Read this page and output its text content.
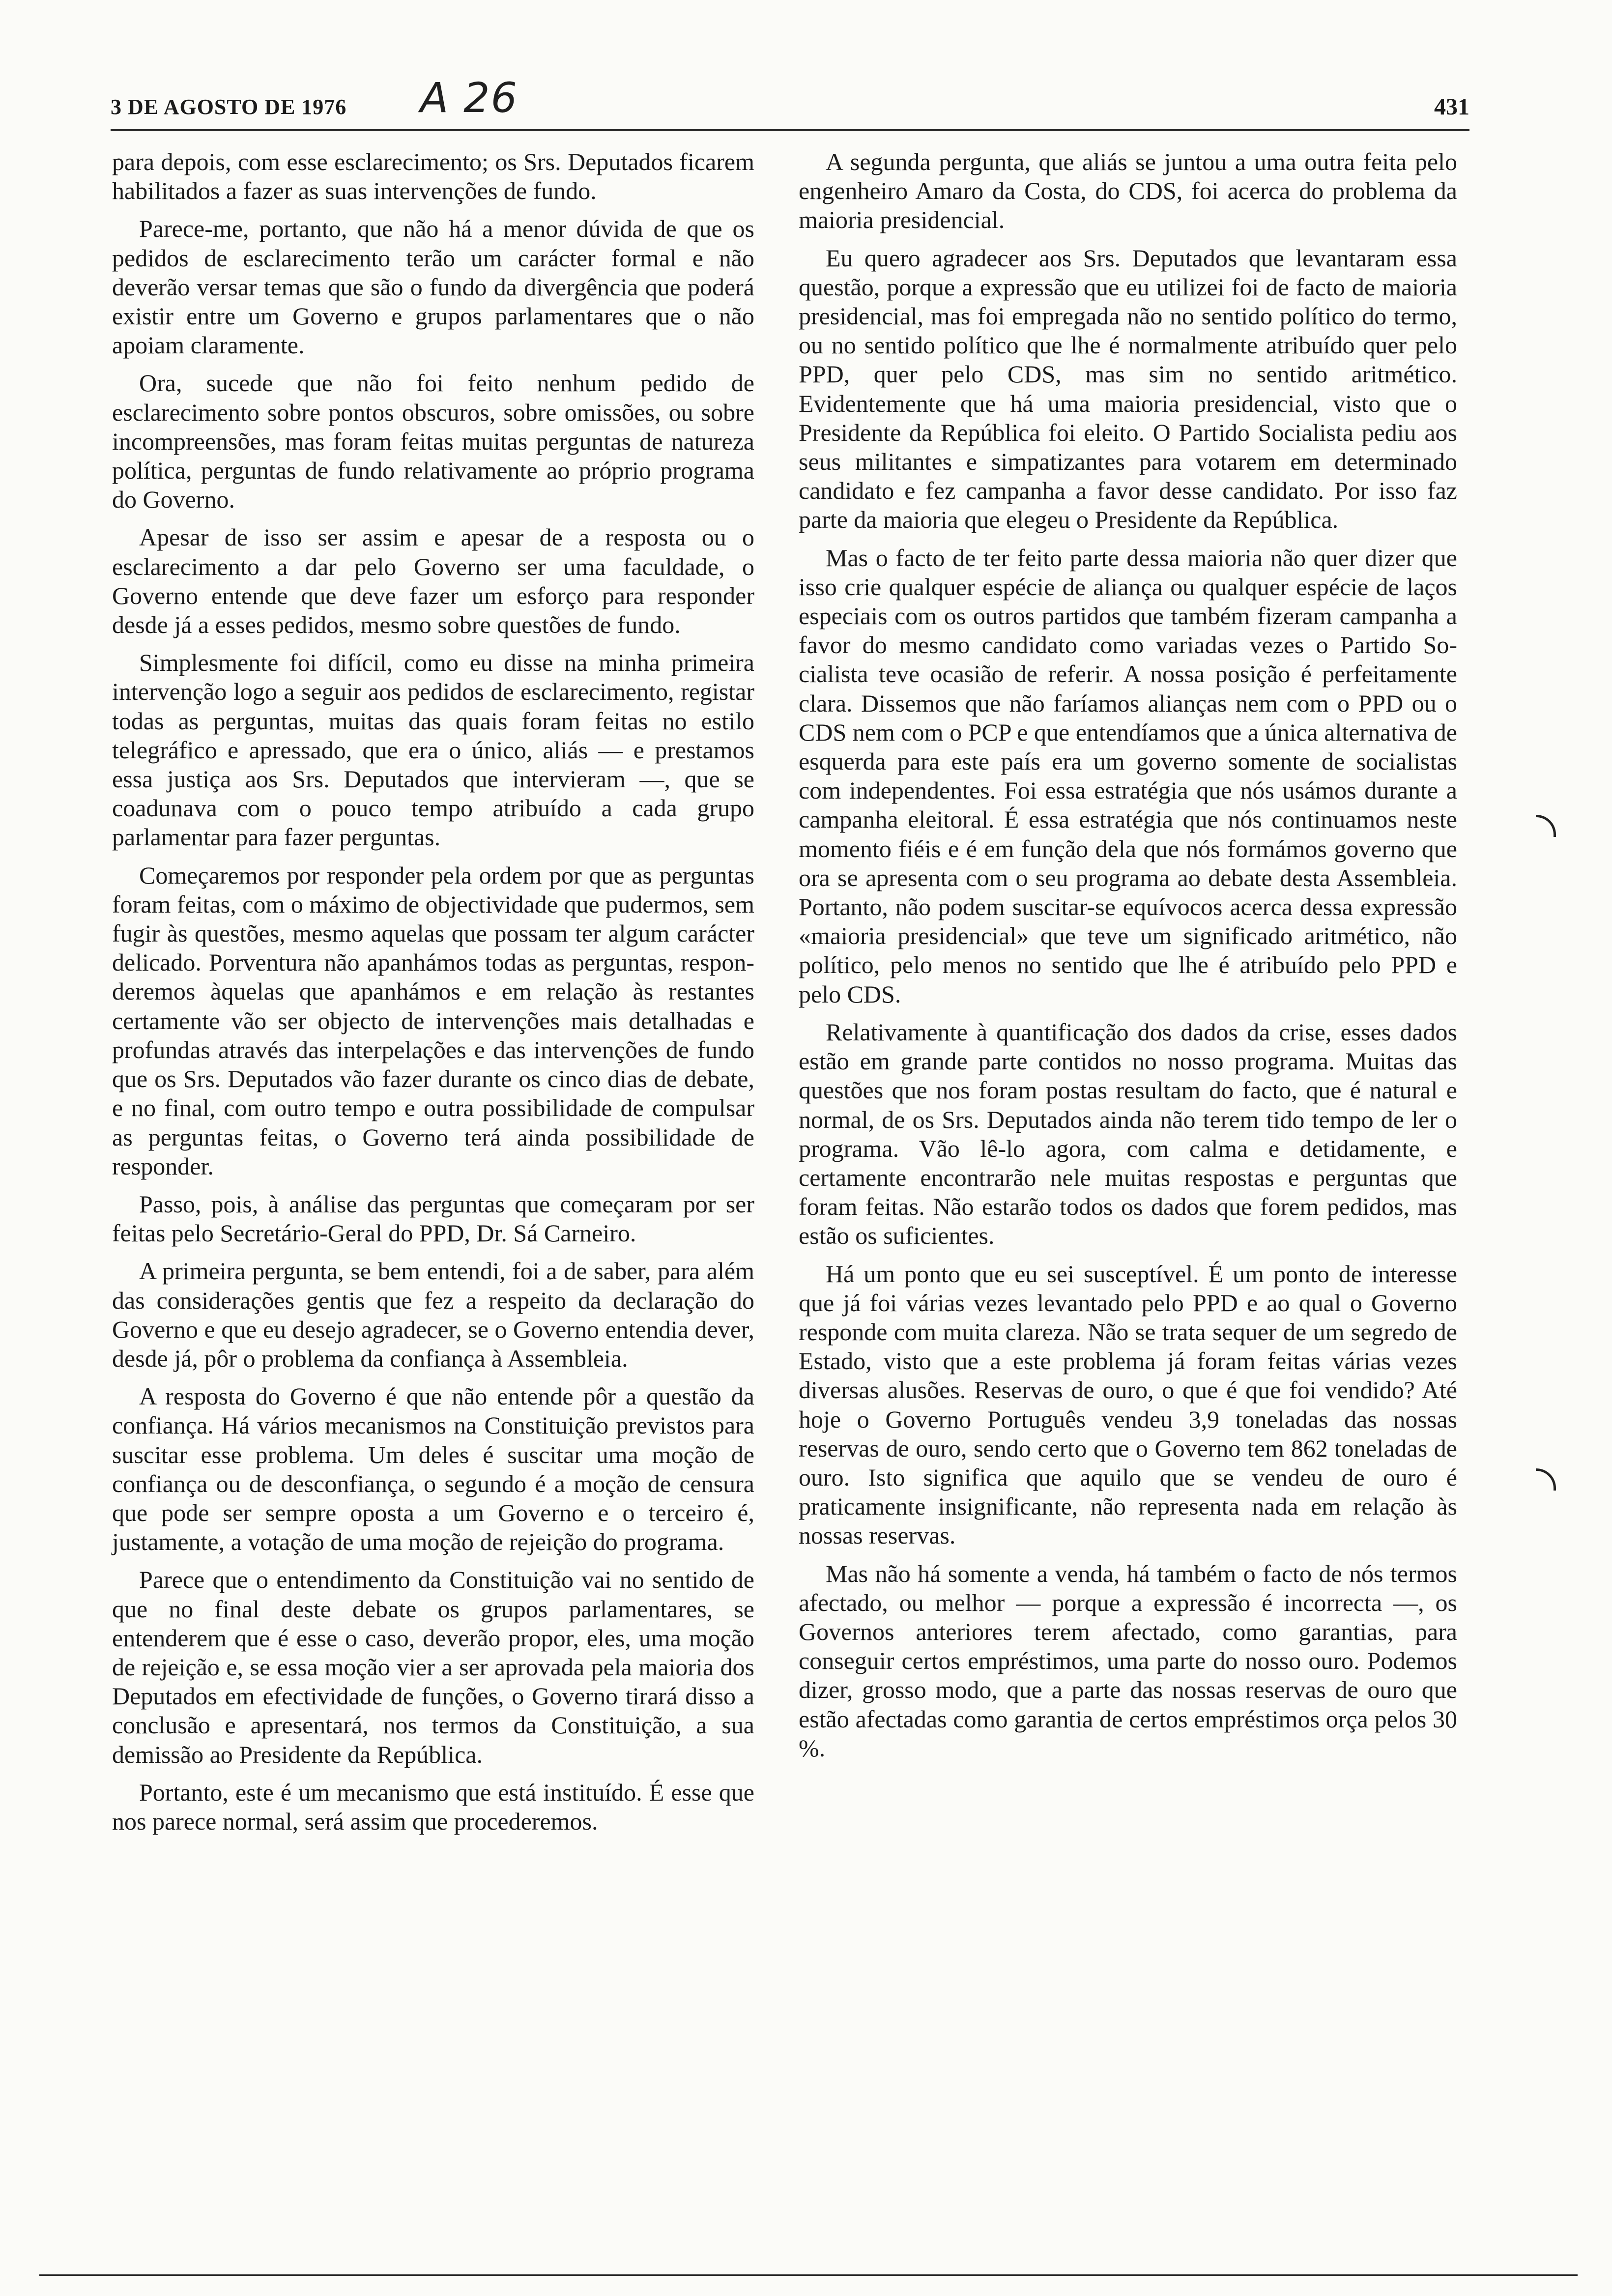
3 DE AGOSTO DE 1976 A 26	431

para depois, com esse esclarecimento; os Srs. Deputados ficarem habilitados a fazer as suas intervenções de fundo.

Parece-me, portanto, que não há a menor dúvida de que os pedidos de esclarecimento terão um carácter formal e não deverão versar temas que são o fundo da divergência que poderá existir entre um Governo e grupos parlamentares que o não apoiam claramente.

Ora, sucede que não foi feito nenhum pedido de esclarecimento sobre pontos obscuros, sobre omissões, ou sobre incompreensões, mas foram feitas muitas perguntas de natureza política, perguntas de fundo relativamente ao próprio programa do Governo.

Apesar de isso ser assim e apesar de a resposta ou o esclarecimento a dar pelo Governo ser uma faculdade, o Governo entende que deve fazer um esforço para responder desde já a esses pedidos, mesmo sobre questões de fundo.

Simplesmente foi difícil, como eu disse na minha primeira intervenção logo a seguir aos pedidos de esclarecimento, registar todas as perguntas, muitas das quais foram feitas no estilo telegráfico e apressado, que era o único, aliás — e prestamos essa justiça aos Srs. Deputados que intervieram —, que se coadunava com o pouco tempo atribuído a cada grupo parlamentar para fazer perguntas.

Começaremos por responder pela ordem por que as perguntas foram feitas, com o máximo de objectividade que pudermos, sem fugir às questões, mesmo aquelas que possam ter algum carácter delicado. Porventura não apanhámos todas as perguntas, responderemos àquelas que apanhámos e em relação às restantes certamente vão ser objecto de intervenções mais detalhadas e profundas através das interpelações e das intervenções de fundo que os Srs. Deputados vão fazer durante os cinco dias de debate, e no final, com outro tempo e outra possibilidade de compulsar as perguntas feitas, o Governo terá ainda possibilidade de responder.

Passo, pois, à análise das perguntas que começaram por ser feitas pelo Secretário-Geral do PPD, Dr. Sá Carneiro.

A primeira pergunta, se bem entendi, foi a de saber, para além das considerações gentis que fez a respeito da declaração do Governo e que eu desejo agradecer, se o Governo entendia dever, desde já, pôr o problema da confiança à Assembleia.

A resposta do Governo é que não entende pôr a questão da confiança. Há vários mecanismos na Constituição previstos para suscitar esse problema. Um deles é suscitar uma moção de confiança ou de desconfiança, o segundo é a moção de censura que pode ser sempre oposta a um Governo e o terceiro é, justamente, a votação de uma moção de rejeição do programa.

Parece que o entendimento da Constituição vai no sentido de que no final deste debate os grupos parlamentares, se entenderem que é esse o caso, deverão propor, eles, uma moção de rejeição e, se essa moção vier a ser aprovada pela maioria dos Deputados em efectividade de funções, o Governo tirará disso a conclusão e apresentará, nos termos da Constituição, a sua demissão ao Presidente da República.

Portanto, este é um mecanismo que está instituído. É esse que nos parece normal, será assim que procederemos.

A segunda pergunta, que aliás se juntou a uma outra feita pelo engenheiro Amaro da Costa, do CDS, foi acerca do problema da maioria presidencial.

Eu quero agradecer aos Srs. Deputados que levantaram essa questão, porque a expressão que eu utilizei foi de facto de maioria presidencial, mas foi empregada não no sentido político do termo, ou no sentido político que lhe é normalmente atribuído quer pelo PPD, quer pelo CDS, mas sim no sentido aritmético. Evidentemente que há uma maioria presidencial, visto que o Presidente da República foi eleito. O Partido Socialista pediu aos seus militantes e simpatizantes para votarem em determinado candidato e fez campanha a favor desse candidato. Por isso faz parte da maioria que elegeu o Presidente da República.

Mas o facto de ter feito parte dessa maioria não quer dizer que isso crie qualquer espécie de aliança ou qualquer espécie de laços especiais com os outros partidos que também fizeram campanha a favor do mesmo candidato como variadas vezes o Partido Socialista teve ocasião de referir. A nossa posição é perfeitamente clara. Dissemos que não faríamos alianças nem com o PPD ou o CDS nem com o PCP e que entendíamos que a única alternativa de esquerda para este país era um governo somente de socialistas com independentes. Foi essa estratégia que nós usámos durante a campanha eleitoral. É essa estratégia que nós continuamos neste momento fiéis e é em função dela que nós formámos governo que ora se apresenta com o seu programa ao debate desta Assembleia. Portanto, não podem suscitar-se equívocos acerca dessa expressão «maioria presidencial» que teve um significado aritmético, não político, pelo menos no sentido que lhe é atribuído pelo PPD e pelo CDS.

Relativamente à quantificação dos dados da crise, esses dados estão em grande parte contidos no nosso programa. Muitas das questões que nos foram postas resultam do facto, que é natural e normal, de os Srs. Deputados ainda não terem tido tempo de ler o programa. Vão lê-lo agora, com calma e detidamente, e certamente encontrarão nele muitas respostas e perguntas que foram feitas. Não estarão todos os dados que forem pedidos, mas estão os suficientes.

Há um ponto que eu sei susceptível. É um ponto de interesse que já foi várias vezes levantado pelo PPD e ao qual o Governo responde com muita clareza. Não se trata sequer de um segredo de Estado, visto que a este problema já foram feitas várias vezes diversas alusões. Reservas de ouro, o que é que foi vendido? Até hoje o Governo Português vendeu 3,9 toneladas das nossas reservas de ouro, sendo certo que o Governo tem 862 toneladas de ouro. Isto significa que aquilo que se vendeu de ouro é praticamente insignificante, não representa nada em relação às nossas reservas.

Mas não há somente a venda, há também o facto de nós termos afectado, ou melhor — porque a expressão é incorrecta —, os Governos anteriores terem afectado, como garantias, para conseguir certos empréstimos, uma parte do nosso ouro. Podemos dizer, grosso modo, que a parte das nossas reservas de ouro que estão afectadas como garantia de certos empréstimos orça pelos 30 %.
